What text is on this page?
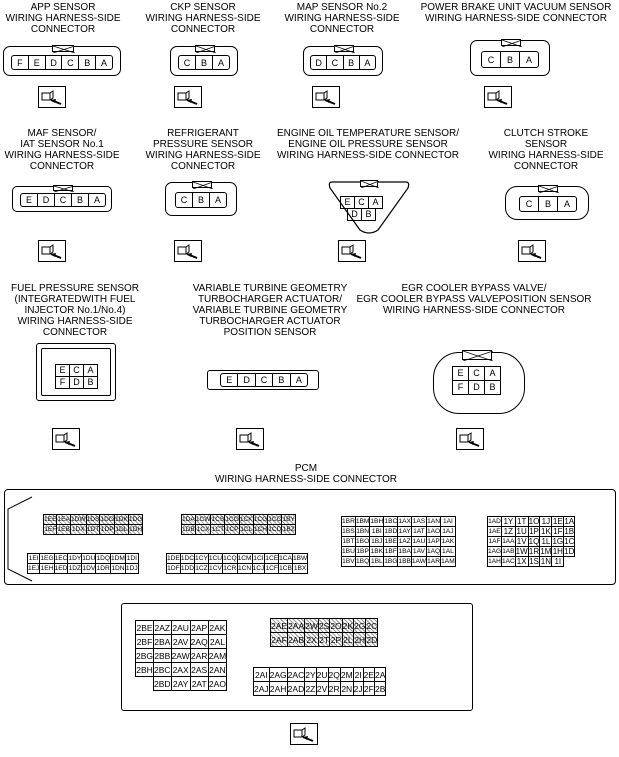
APP SENSOR
WIRING HARNESS-SIDE
CONNECTOR
CKP SENSOR
WIRING HARNESS-SIDE
CONNECTOR
MAP SENSOR No.2
WIRING HARNESS-SIDE
CONNECTOR
POWER BRAKE UNIT VACUUM SENSOR
WIRING HARNESS-SIDE CONNECTOR
MAF SENSOR/
IAT SENSOR No.1
WIRING HARNESS-SIDE
CONNECTOR
REFRIGERANT
PRESSURE SENSOR
WIRING HARNESS-SIDE
CONNECTOR
ENGINE OIL TEMPERATURE SENSOR/
ENGINE OIL PRESSURE SENSOR
WIRING HARNESS-SIDE CONNECTOR
CLUTCH STROKE
SENSOR
WIRING HARNESS-SIDE
CONNECTOR
FUEL PRESSURE SENSOR
(INTEGRATEDWITH FUEL
INJECTOR No.1/No.4)
WIRING HARNESS-SIDE
CONNECTOR
VARIABLE TURBINE GEOMETRY
TURBOCHARGER ACTUATOR/
VARIABLE TURBINE GEOMETRY
TURBOCHARGER ACTUATOR
POSITION SENSOR
EGR COOLER BYPASS VALVE/
EGR COOLER BYPASS VALVEPOSITION SENSOR
WIRING HARNESS-SIDE CONNECTOR
PCM
WIRING HARNESS-SIDE CONNECTOR
F	E	D	C	B	A	C	B	A	D	C	B	A	C	B	A
E	D	C	B	A	C	B	A	E	C	A
D	B
C	B	A
E	C	A
F	D	B	E	D	C	B	A
E	C	A
F	D	B
1EE	1EA	1DW	1DS	1DO	1DK	1DG
1EF	1EB	1DX	1DT	1DP	1DL	1DH
1DA	1CW	1CS	1CO	1CK	1CG	1CC	1BY
1DB	1CX	1CT	1CP	1CL	1CH	1CD	1BZ
1EI	1EG	1EC	1DY	1DU	1DQ	1DM	1DI
1EJ	1EH	1ED	1DZ	1DV	1DR	1DN	1DJ
1DE	1DC	1CY	1CU	1CQ	1CM	1CI	1CE	1CA	1BW
1DF	1DD	1CZ	1CV	1CR	1CN	1CJ	1CF	1CB	1BX
1BR	1BM	1BH	1BC	1AX	1AS	1AN	1AI
1BS	1BN	1BI	1BD	1AY	1AT	1AO	1AJ
1BT	1BO	1BJ	1BE	1AZ	1AU	1AP	1AK
1BU	1BP	1BK	1BF	1BA	1AV	1AQ	1AL
1BV	1BQ	1BL	1BG	1BB	1AW	1AR	1AM
1AD	1Y	1T	1O	1J	1E	1A
1AE	1Z	1U	1P	1K	1F	1B
1AF	1AA	1V	1Q	1L	1G	1C
1AG	1AB	1W	1R	1M	1H	1D
1AH	1AC	1X	1S	1N	1I	
2BE	2AZ	2AU	2AP	2AK
2BF	2BA	2AV	2AQ	2AL
2BG	2BB	2AW	2AR	2AM
2BH	2BC	2AX	2AS	2AN
	2BD	2AY	2AT	2AO
2AE	2AA	2W	2S	2O	2K	2G	2C
2AF	2AB	2X	2T	2P	2L	2H	2D
2AI	2AG	2AC	2Y	2U	2Q	2M	2I	2E	2A
2AJ	2AH	2AD	2Z	2V	2R	2N	2J	2F	2B
